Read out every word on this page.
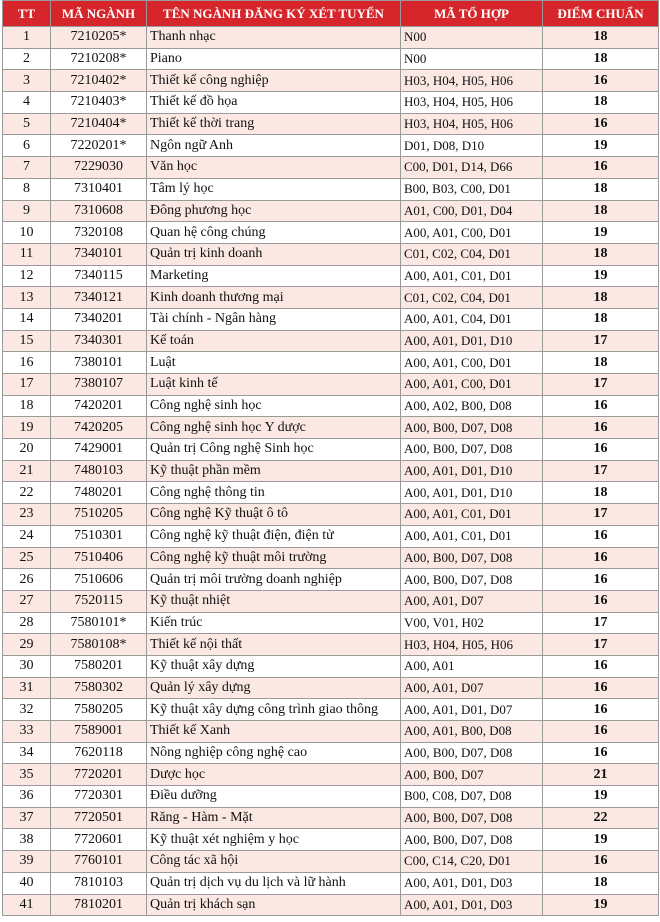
TT	MÃ NGÀNH	TÊN NGÀNH ĐĂNG KÝ XÉT TUYỂN	MÃ TỔ HỢP	ĐIỂM CHUẨN
1	7210205*	Thanh nhạc	N00	18
2	7210208*	Piano	N00	18
3	7210402*	Thiết kế công nghiệp	H03, H04, H05, H06	16
4	7210403*	Thiết kế đồ họa	H03, H04, H05, H06	18
5	7210404*	Thiết kế thời trang	H03, H04, H05, H06	16
6	7220201*	Ngôn ngữ Anh	D01, D08, D10	19
7	7229030	Văn học	C00, D01, D14, D66	16
8	7310401	Tâm lý học	B00, B03, C00, D01	18
9	7310608	Đông phương học	A01, C00, D01, D04	18
10	7320108	Quan hệ công chúng	A00, A01, C00, D01	19
11	7340101	Quản trị kinh doanh	C01, C02, C04, D01	18
12	7340115	Marketing	A00, A01, C01, D01	19
13	7340121	Kinh doanh thương mại	C01, C02, C04, D01	18
14	7340201	Tài chính - Ngân hàng	A00, A01, C04, D01	18
15	7340301	Kế toán	A00, A01, D01, D10	17
16	7380101	Luật	A00, A01, C00, D01	18
17	7380107	Luật kinh tế	A00, A01, C00, D01	17
18	7420201	Công nghệ sinh học	A00, A02, B00, D08	16
19	7420205	Công nghệ sinh học Y dược	A00, B00, D07, D08	16
20	7429001	Quản trị Công nghệ Sinh học	A00, B00, D07, D08	16
21	7480103	Kỹ thuật phần mềm	A00, A01, D01, D10	17
22	7480201	Công nghệ thông tin	A00, A01, D01, D10	18
23	7510205	Công nghệ Kỹ thuật ô tô	A00, A01, C01, D01	17
24	7510301	Công nghệ kỹ thuật điện, điện tử	A00, A01, C01, D01	16
25	7510406	Công nghệ kỹ thuật môi trường	A00, B00, D07, D08	16
26	7510606	Quản trị môi trường doanh nghiệp	A00, B00, D07, D08	16
27	7520115	Kỹ thuật nhiệt	A00, A01, D07	16
28	7580101*	Kiến trúc	V00, V01, H02	17
29	7580108*	Thiết kế nội thất	H03, H04, H05, H06	17
30	7580201	Kỹ thuật xây dựng	A00, A01	16
31	7580302	Quản lý xây dựng	A00, A01, D07	16
32	7580205	Kỹ thuật xây dựng công trình giao thông	A00, A01, D01, D07	16
33	7589001	Thiết kế Xanh	A00, A01, B00, D08	16
34	7620118	Nông nghiệp công nghệ cao	A00, B00, D07, D08	16
35	7720201	Dược học	A00, B00, D07	21
36	7720301	Điều dưỡng	B00, C08, D07, D08	19
37	7720501	Răng - Hàm - Mặt	A00, B00, D07, D08	22
38	7720601	Kỹ thuật xét nghiệm y học	A00, B00, D07, D08	19
39	7760101	Công tác xã hội	C00, C14, C20, D01	16
40	7810103	Quản trị dịch vụ du lịch và lữ hành	A00, A01, D01, D03	18
41	7810201	Quản trị khách sạn	A00, A01, D01, D03	19
